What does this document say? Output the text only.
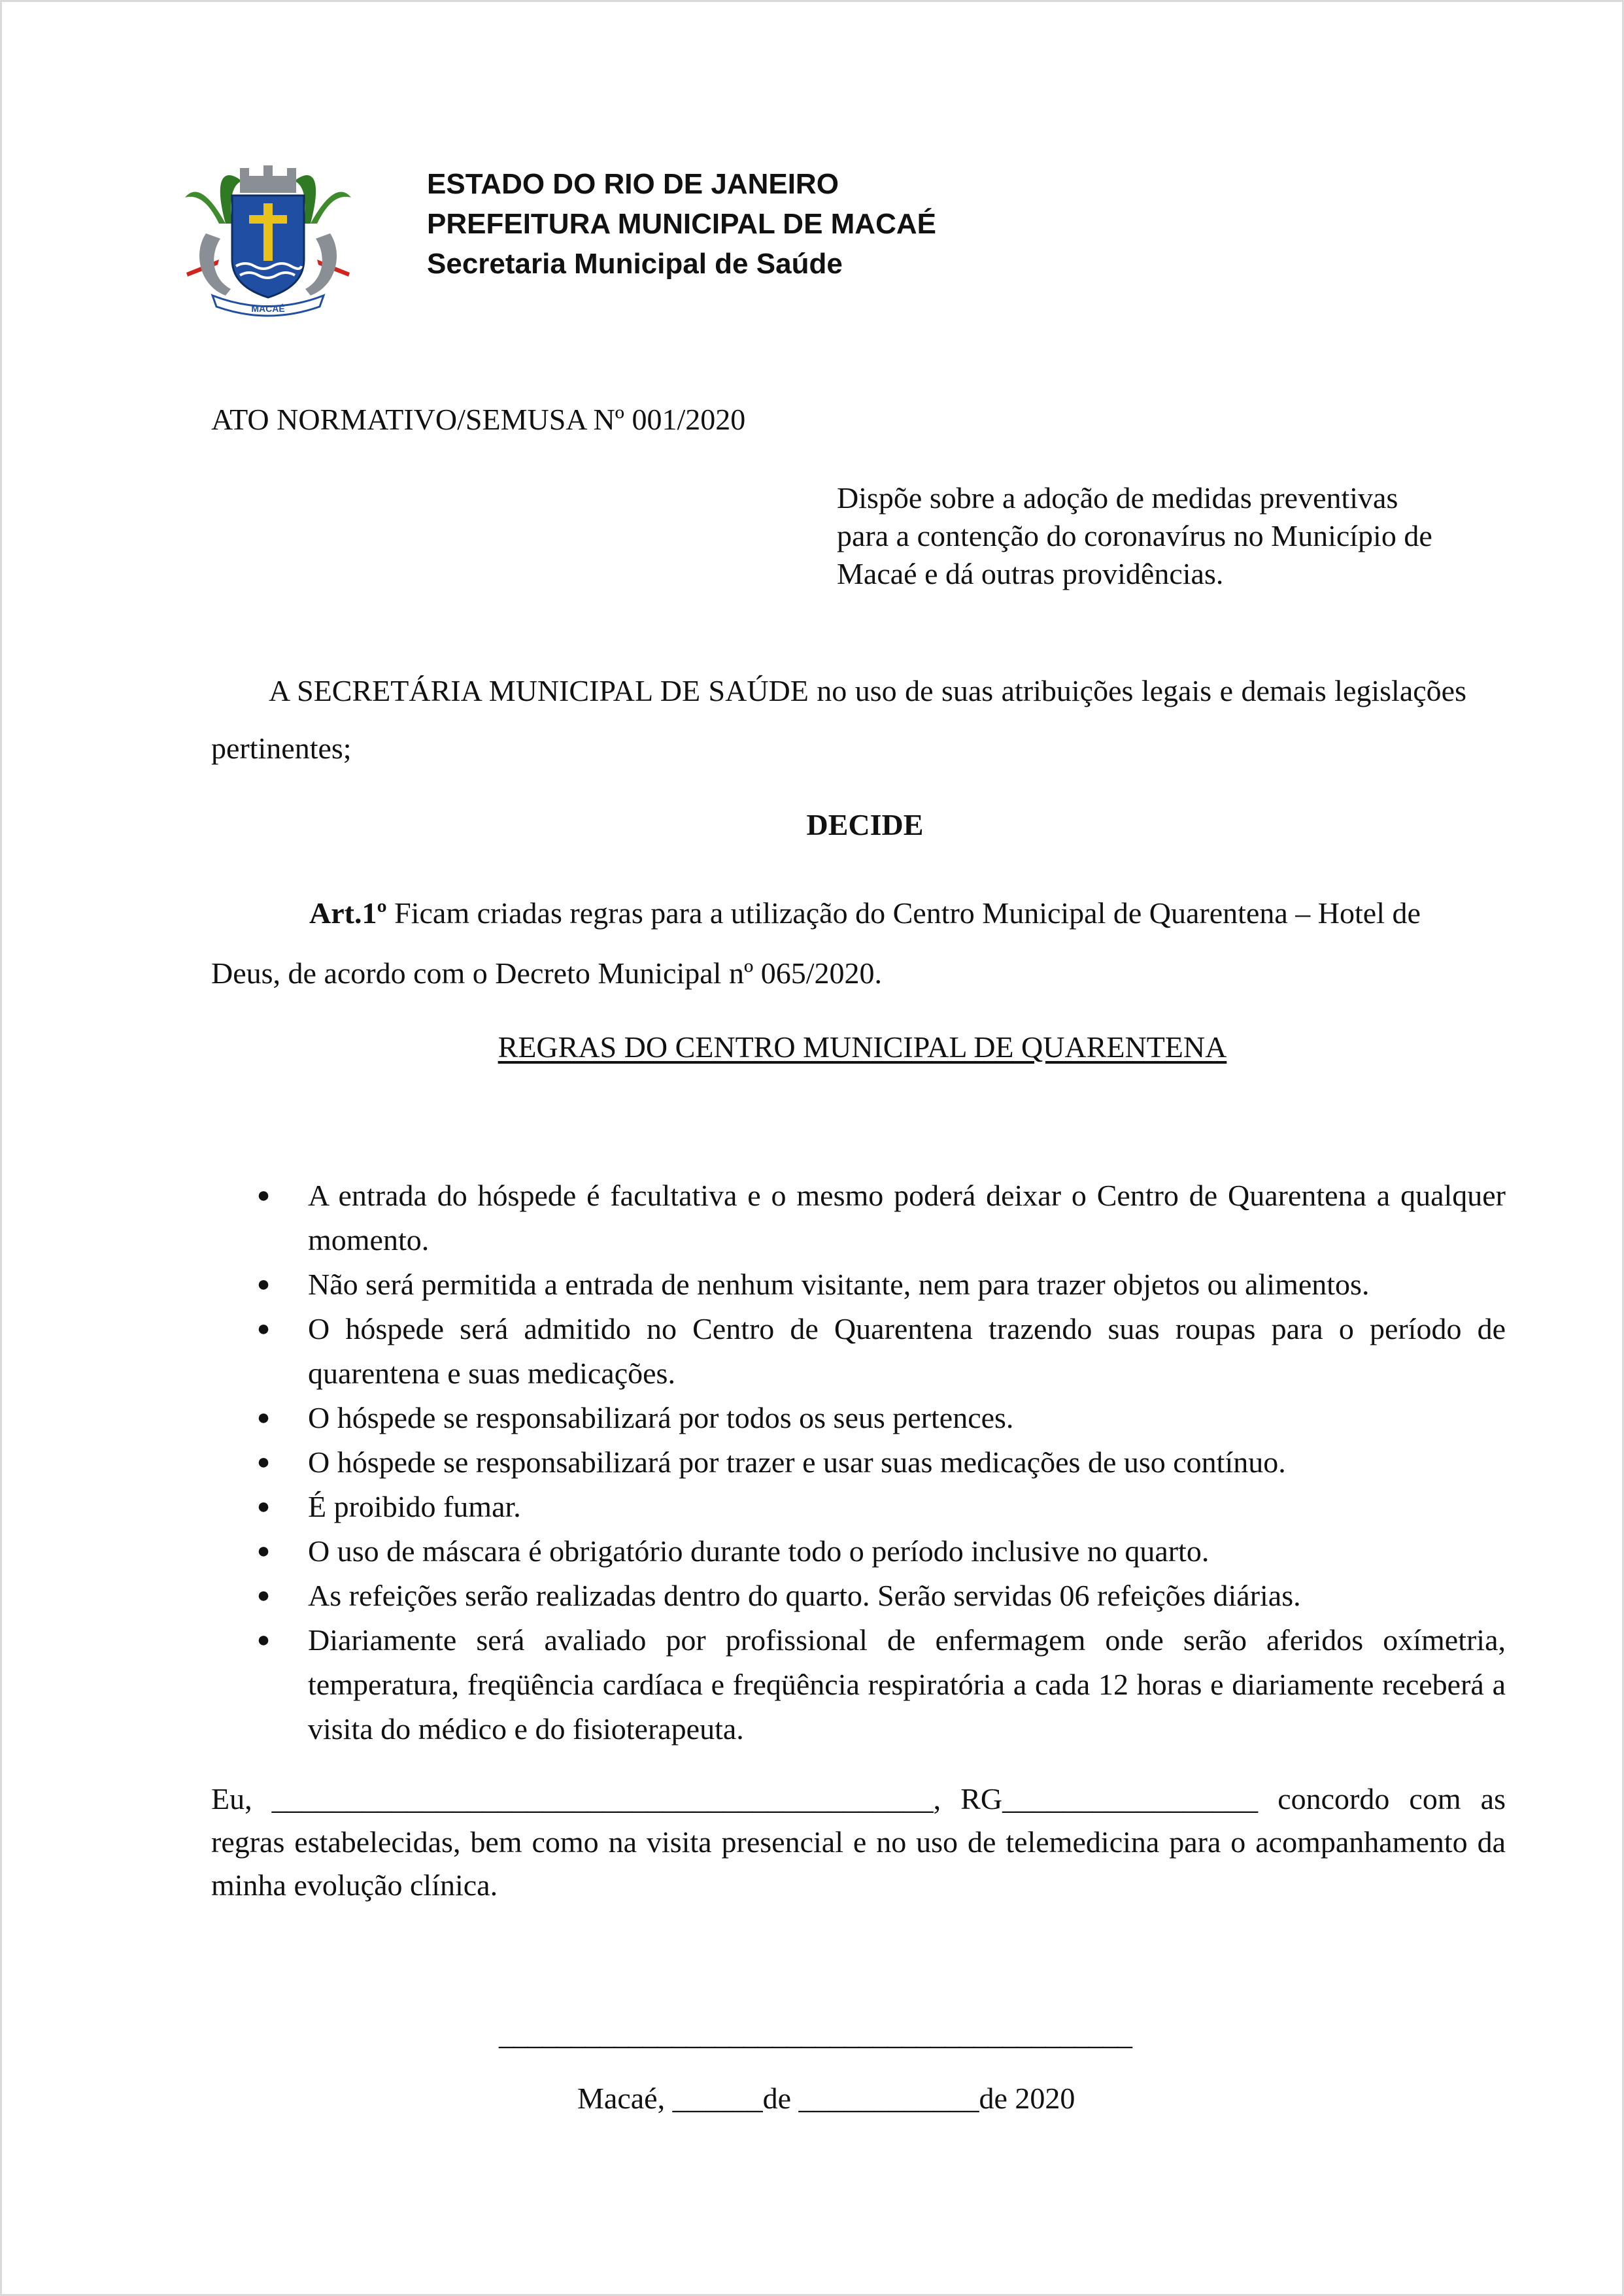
MACAÉ
ESTADO DO RIO DE JANEIRO
PREFEITURA MUNICIPAL DE MACAÉ
Secretaria Municipal de Saúde
ATO NORMATIVO/SEMUSA Nº 001/2020
Dispõe sobre a adoção de medidas preventivas para a contenção do coronavírus no Município de Macaé e dá outras providências.
A SECRETÁRIA MUNICIPAL DE SAÚDE no uso de suas atribuições legais e demais legislações pertinentes;
DECIDE
Art.1º Ficam criadas regras para a utilização do Centro Municipal de Quarentena – Hotel de Deus, de acordo com o Decreto Municipal nº 065/2020.
REGRAS DO CENTRO MUNICIPAL DE QUARENTENA
● A entrada do hóspede é facultativa e o mesmo poderá deixar o Centro de Quarentena a qualquer momento.
● Não será permitida a entrada de nenhum visitante, nem para trazer objetos ou alimentos.
● O hóspede será admitido no Centro de Quarentena trazendo suas roupas para o período de quarentena e suas medicações.
● O hóspede se responsabilizará por todos os seus pertences.
● O hóspede se responsabilizará por trazer e usar suas medicações de uso contínuo.
● É proibido fumar.
● O uso de máscara é obrigatório durante todo o período inclusive no quarto.
● As refeições serão realizadas dentro do quarto. Serão servidas 06 refeições diárias.
● Diariamente será avaliado por profissional de enfermagem onde serão aferidos oxímetria, temperatura, freqüência cardíaca e freqüência respiratória a cada 12 horas e diariamente receberá a visita do médico e do fisioterapeuta.
Eu, ____________________________________________, RG_________________ concordo com as regras estabelecidas, bem como na visita presencial e no uso de telemedicina para o acompanhamento da minha evolução clínica.
____________________________________________
Macaé, ______de ____________de 2020
